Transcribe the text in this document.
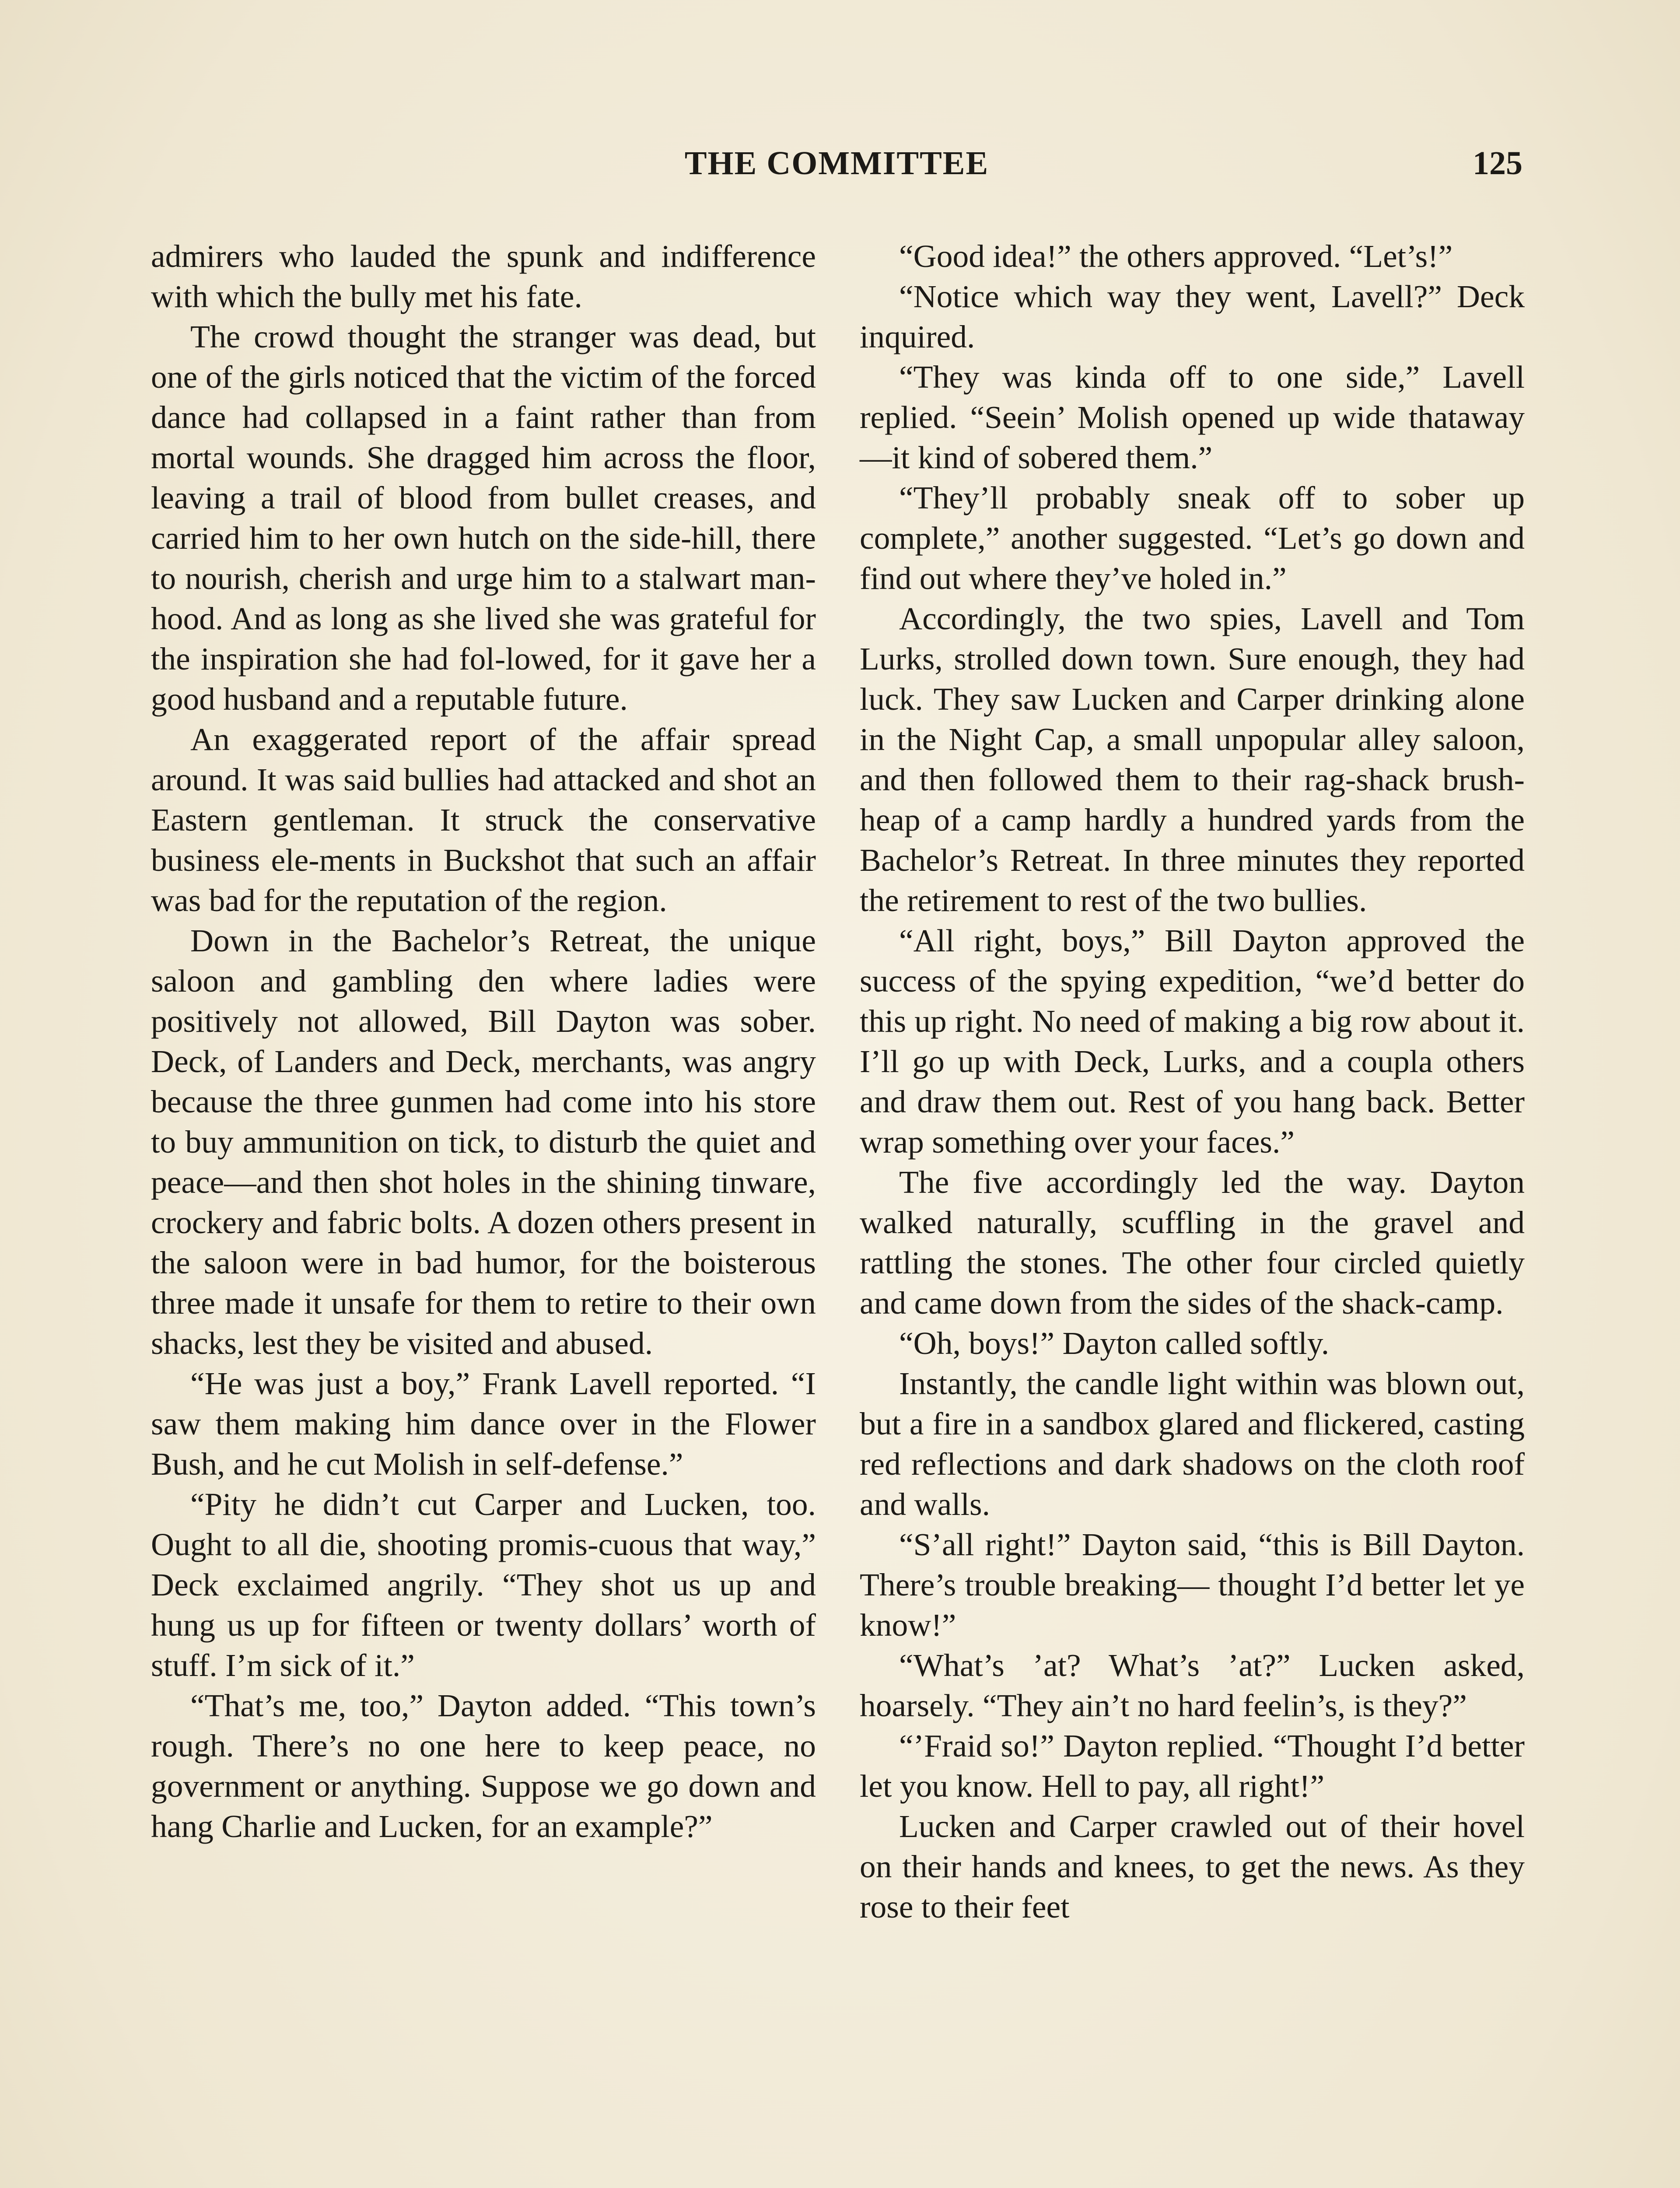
THE COMMITTEE	125

admirers who lauded the spunk and indifference with which the bully met his fate.

The crowd thought the stranger was dead, but one of the girls noticed that the victim of the forced dance had collapsed in a faint rather than from mortal wounds. She dragged him across the floor, leaving a trail of blood from bullet creases, and carried him to her own hutch on the side-hill, there to nourish, cherish and urge him to a stalwart man-hood. And as long as she lived she was grateful for the inspiration she had fol-lowed, for it gave her a good husband and a reputable future.

An exaggerated report of the affair spread around. It was said bullies had attacked and shot an Eastern gentleman. It struck the conservative business ele-ments in Buckshot that such an affair was bad for the reputation of the region.

Down in the Bachelor’s Retreat, the unique saloon and gambling den where ladies were positively not allowed, Bill Dayton was sober. Deck, of Landers and Deck, merchants, was angry because the three gunmen had come into his store to buy ammunition on tick, to disturb the quiet and peace—and then shot holes in the shining tinware, crockery and fabric bolts. A dozen others present in the saloon were in bad humor, for the boisterous three made it unsafe for them to retire to their own shacks, lest they be visited and abused.

“He was just a boy,” Frank Lavell reported. “I saw them making him dance over in the Flower Bush, and he cut Molish in self-defense.”

“Pity he didn’t cut Carper and Lucken, too. Ought to all die, shooting promis-cuous that way,” Deck exclaimed angrily. “They shot us up and hung us up for fifteen or twenty dollars’ worth of stuff. I’m sick of it.”

“That’s me, too,” Dayton added. “This town’s rough. There’s no one here to keep peace, no government or anything. Suppose we go down and hang Charlie and Lucken, for an example?”

“Good idea!” the others approved. “Let’s!”

“Notice which way they went, Lavell?” Deck inquired.

“They was kinda off to one side,” Lavell replied. “Seein’ Molish opened up wide thataway—it kind of sobered them.”

“They’ll probably sneak off to sober up complete,” another suggested. “Let’s go down and find out where they’ve holed in.”

Accordingly, the two spies, Lavell and Tom Lurks, strolled down town. Sure enough, they had luck. They saw Lucken and Carper drinking alone in the Night Cap, a small unpopular alley saloon, and then followed them to their rag-shack brush-heap of a camp hardly a hundred yards from the Bachelor’s Retreat. In three minutes they reported the retirement to rest of the two bullies.

“All right, boys,” Bill Dayton approved the success of the spying expedition, “we’d better do this up right. No need of making a big row about it. I’ll go up with Deck, Lurks, and a coupla others and draw them out. Rest of you hang back. Better wrap something over your faces.”

The five accordingly led the way. Dayton walked naturally, scuffling in the gravel and rattling the stones. The other four circled quietly and came down from the sides of the shack-camp.

“Oh, boys!” Dayton called softly.

Instantly, the candle light within was blown out, but a fire in a sandbox glared and flickered, casting red reflections and dark shadows on the cloth roof and walls.

“S’all right!” Dayton said, “this is Bill Dayton. There’s trouble breaking— thought I’d better let ye know!”

“What’s ’at? What’s ’at?” Lucken asked, hoarsely. “They ain’t no hard feelin’s, is they?”

“’Fraid so!” Dayton replied. “Thought I’d better let you know. Hell to pay, all right!”

Lucken and Carper crawled out of their hovel on their hands and knees, to get the news. As they rose to their feet
